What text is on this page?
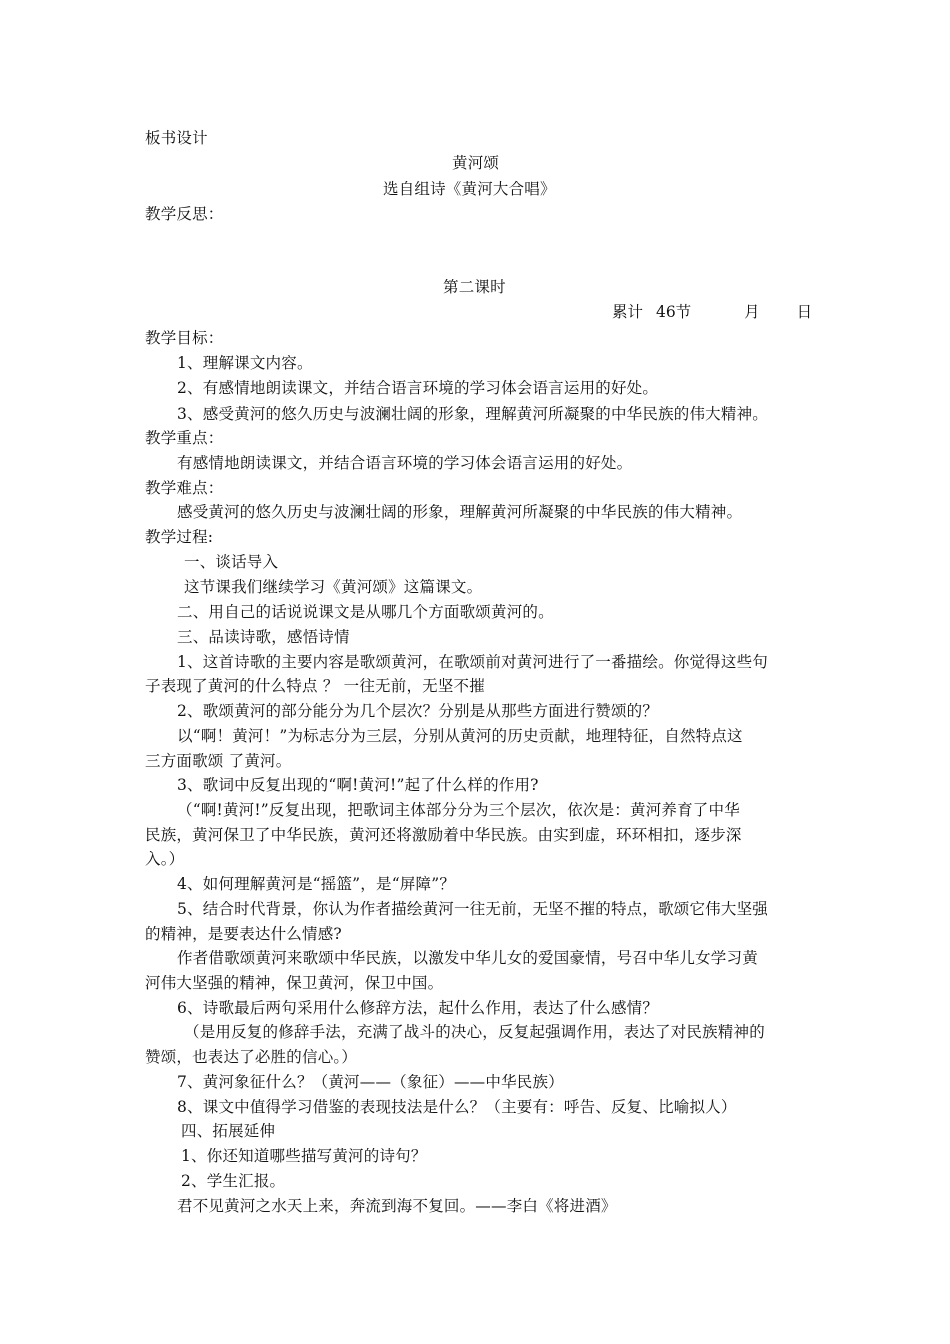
板书设计
黄河颂
选自组诗《黄河大合唱》
教学反思：
第二课时
累计 46节	月 日
教学目标：
1、理解课文内容。
2、有感情地朗读课文，并结合语言环境的学习体会语言运用的好处。
3、感受黄河的悠久历史与波澜壮阔的形象，理解黄河所凝聚的中华民族的伟大精神。
教学重点：
有感情地朗读课文，并结合语言环境的学习体会语言运用的好处。
教学难点：
感受黄河的悠久历史与波澜壮阔的形象，理解黄河所凝聚的中华民族的伟大精神。
教学过程:
一、谈话导入
这节课我们继续学习《黄河颂》这篇课文。
二、用自己的话说说课文是从哪几个方面歌颂黄河的。
三、品读诗歌，感悟诗情
1、这首诗歌的主要内容是歌颂黄河，在歌颂前对黄河进行了一番描绘。你觉得这些句
子表现了黄河的什么特点 ？ 一往无前，无坚不摧
2、歌颂黄河的部分能分为几个层次？分别是从那些方面进行赞颂的？
以“啊！黄河！”为标志分为三层，分别从黄河的历史贡献，地理特征，自然特点这
三方面歌颂 了黄河。
3、歌词中反复出现的“啊!黄河!”起了什么样的作用?
（“啊!黄河!”反复出现，把歌词主体部分分为三个层次，依次是：黄河养育了中华
民族，黄河保卫了中华民族，黄河还将激励着中华民族。由实到虚，环环相扣，逐步深
入。）
4、如何理解黄河是“摇篮”，是“屏障”？
5、结合时代背景，你认为作者描绘黄河一往无前，无坚不摧的特点，歌颂它伟大坚强
的精神，是要表达什么情感?
作者借歌颂黄河来歌颂中华民族，以激发中华儿女的爱国豪情，号召中华儿女学习黄
河伟大坚强的精神，保卫黄河，保卫中国。
6、诗歌最后两句采用什么修辞方法，起什么作用，表达了什么感情？
（是用反复的修辞手法，充满了战斗的决心，反复起强调作用，表达了对民族精神的
赞颂，也表达了必胜的信心。）
7、黄河象征什么？（黄河——（象征）——中华民族）
8、课文中值得学习借鉴的表现技法是什么？（主要有：呼告、反复、比喻拟人）
四、拓展延伸
1、你还知道哪些描写黄河的诗句？
2、学生汇报。
君不见黄河之水天上来，奔流到海不复回。——李白《将进酒》
